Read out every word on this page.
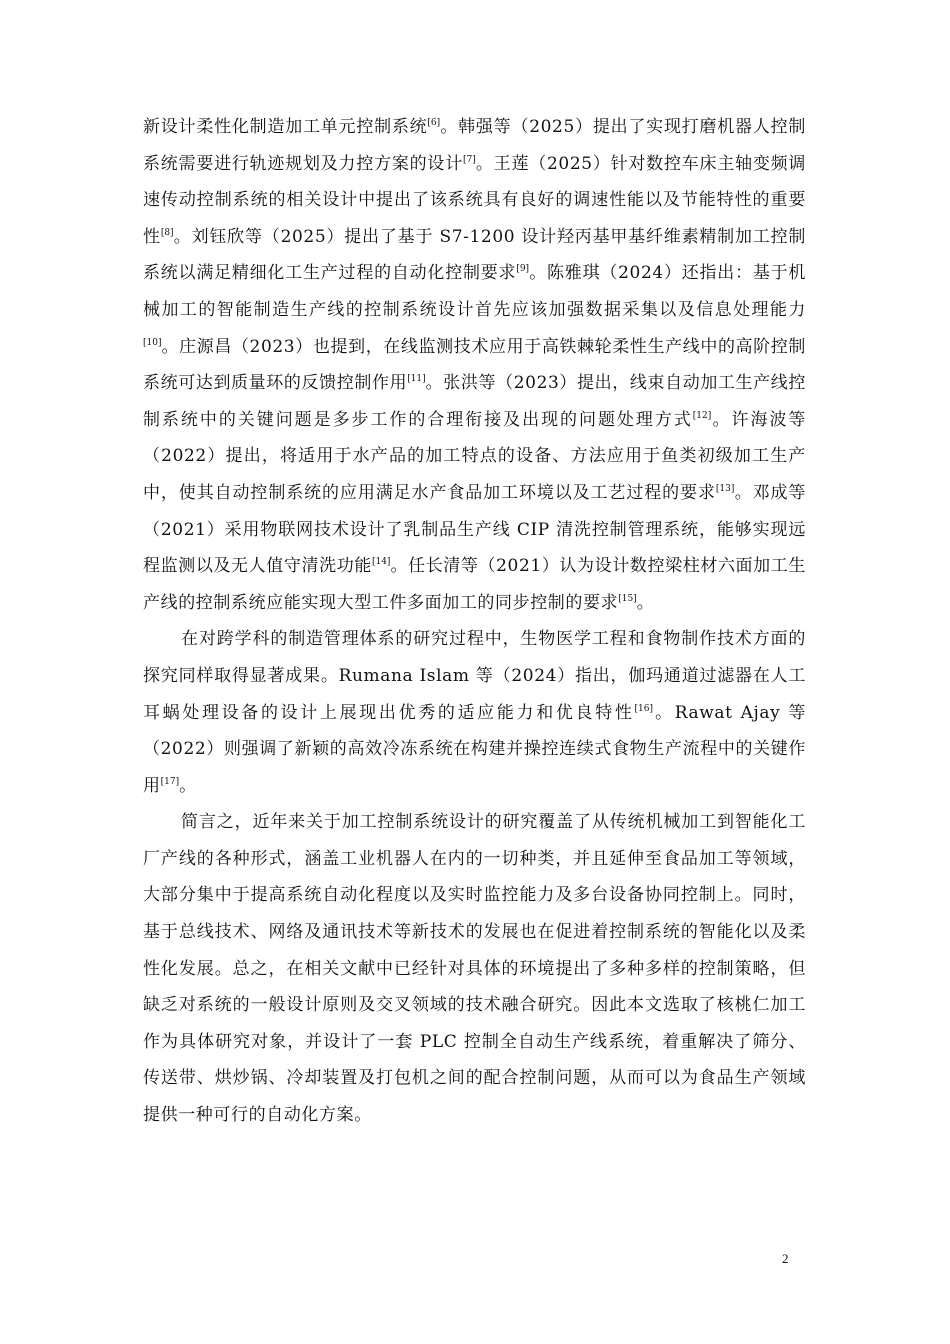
新设计柔性化制造加工单元控制系统[6]。韩强等（2025）提出了实现打磨机器人控制系统需要进行轨迹规划及力控方案的设计[7]。王莲（2025）针对数控车床主轴变频调速传动控制系统的相关设计中提出了该系统具有良好的调速性能以及节能特性的重要性[8]。刘钰欣等（2025）提出了基于 S7-1200 设计羟丙基甲基纤维素精制加工控制系统以满足精细化工生产过程的自动化控制要求[9]。陈雅琪（2024）还指出：基于机械加工的智能制造生产线的控制系统设计首先应该加强数据采集以及信息处理能力[10]。庄源昌（2023）也提到，在线监测技术应用于高铁棘轮柔性生产线中的高阶控制系统可达到质量环的反馈控制作用[11]。张洪等（2023）提出，线束自动加工生产线控制系统中的关键问题是多步工作的合理衔接及出现的问题处理方式[12]。许海波等（2022）提出，将适用于水产品的加工特点的设备、方法应用于鱼类初级加工生产中，使其自动控制系统的应用满足水产食品加工环境以及工艺过程的要求[13]。邓成等（2021）采用物联网技术设计了乳制品生产线 CIP 清洗控制管理系统，能够实现远程监测以及无人值守清洗功能[14]。任长清等（2021）认为设计数控梁柱材六面加工生产线的控制系统应能实现大型工件多面加工的同步控制的要求[15]。

在对跨学科的制造管理体系的研究过程中，生物医学工程和食物制作技术方面的探究同样取得显著成果。Rumana Islam 等（2024）指出，伽玛通道过滤器在人工耳蜗处理设备的设计上展现出优秀的适应能力和优良特性[16]。Rawat Ajay 等（2022）则强调了新颖的高效冷冻系统在构建并操控连续式食物生产流程中的关键作用[17]。

简言之，近年来关于加工控制系统设计的研究覆盖了从传统机械加工到智能化工厂产线的各种形式，涵盖工业机器人在内的一切种类，并且延伸至食品加工等领域，大部分集中于提高系统自动化程度以及实时监控能力及多台设备协同控制上。同时，基于总线技术、网络及通讯技术等新技术的发展也在促进着控制系统的智能化以及柔性化发展。总之，在相关文献中已经针对具体的环境提出了多种多样的控制策略，但缺乏对系统的一般设计原则及交叉领域的技术融合研究。因此本文选取了核桃仁加工作为具体研究对象，并设计了一套 PLC 控制全自动生产线系统，着重解决了筛分、传送带、烘炒锅、冷却装置及打包机之间的配合控制问题，从而可以为食品生产领域提供一种可行的自动化方案。

2
